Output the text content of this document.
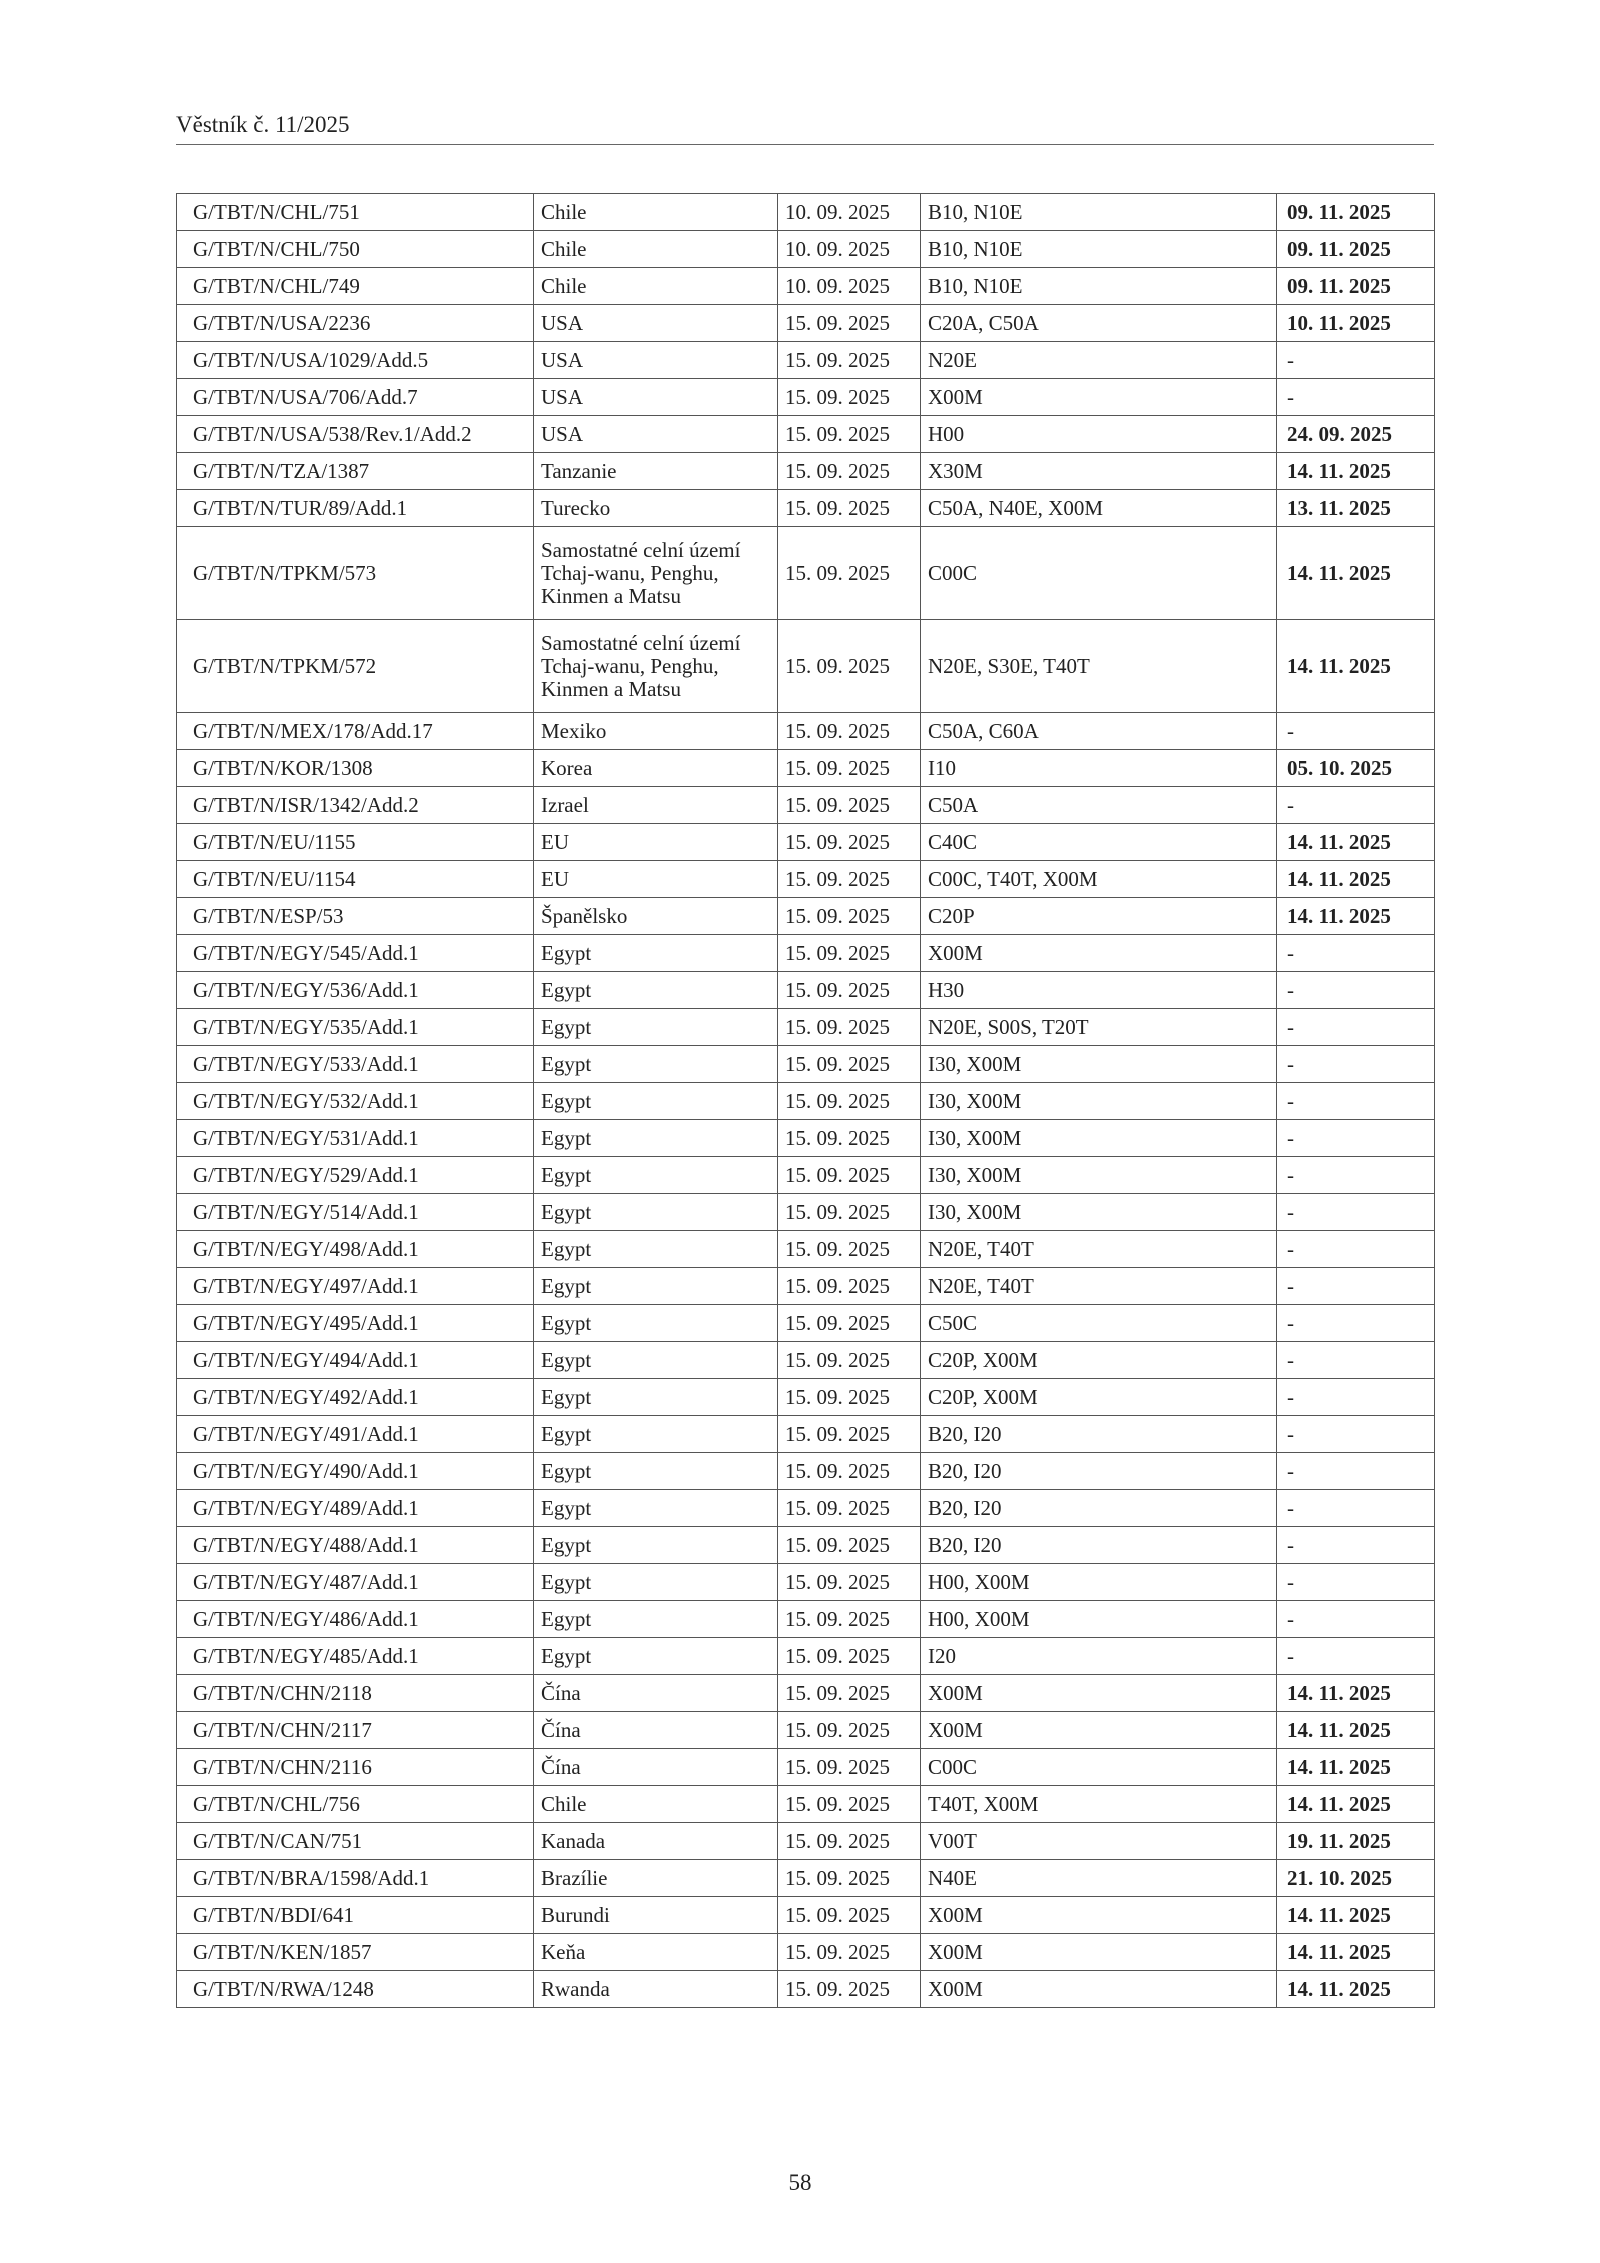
Věstník č. 11/2025
G/TBT/N/CHL/751	Chile	10. 09. 2025	B10, N10E	09. 11. 2025
G/TBT/N/CHL/750	Chile	10. 09. 2025	B10, N10E	09. 11. 2025
G/TBT/N/CHL/749	Chile	10. 09. 2025	B10, N10E	09. 11. 2025
G/TBT/N/USA/2236	USA	15. 09. 2025	C20A, C50A	10. 11. 2025
G/TBT/N/USA/1029/Add.5	USA	15. 09. 2025	N20E	-
G/TBT/N/USA/706/Add.7	USA	15. 09. 2025	X00M	-
G/TBT/N/USA/538/Rev.1/Add.2	USA	15. 09. 2025	H00	24. 09. 2025
G/TBT/N/TZA/1387	Tanzanie	15. 09. 2025	X30M	14. 11. 2025
G/TBT/N/TUR/89/Add.1	Turecko	15. 09. 2025	C50A, N40E, X00M	13. 11. 2025
G/TBT/N/TPKM/573	Samostatné celní území Tchaj-wanu, Penghu, Kinmen a Matsu	15. 09. 2025	C00C	14. 11. 2025
G/TBT/N/TPKM/572	Samostatné celní území Tchaj-wanu, Penghu, Kinmen a Matsu	15. 09. 2025	N20E, S30E, T40T	14. 11. 2025
G/TBT/N/MEX/178/Add.17	Mexiko	15. 09. 2025	C50A, C60A	-
G/TBT/N/KOR/1308	Korea	15. 09. 2025	I10	05. 10. 2025
G/TBT/N/ISR/1342/Add.2	Izrael	15. 09. 2025	C50A	-
G/TBT/N/EU/1155	EU	15. 09. 2025	C40C	14. 11. 2025
G/TBT/N/EU/1154	EU	15. 09. 2025	C00C, T40T, X00M	14. 11. 2025
G/TBT/N/ESP/53	Španělsko	15. 09. 2025	C20P	14. 11. 2025
G/TBT/N/EGY/545/Add.1	Egypt	15. 09. 2025	X00M	-
G/TBT/N/EGY/536/Add.1	Egypt	15. 09. 2025	H30	-
G/TBT/N/EGY/535/Add.1	Egypt	15. 09. 2025	N20E, S00S, T20T	-
G/TBT/N/EGY/533/Add.1	Egypt	15. 09. 2025	I30, X00M	-
G/TBT/N/EGY/532/Add.1	Egypt	15. 09. 2025	I30, X00M	-
G/TBT/N/EGY/531/Add.1	Egypt	15. 09. 2025	I30, X00M	-
G/TBT/N/EGY/529/Add.1	Egypt	15. 09. 2025	I30, X00M	-
G/TBT/N/EGY/514/Add.1	Egypt	15. 09. 2025	I30, X00M	-
G/TBT/N/EGY/498/Add.1	Egypt	15. 09. 2025	N20E, T40T	-
G/TBT/N/EGY/497/Add.1	Egypt	15. 09. 2025	N20E, T40T	-
G/TBT/N/EGY/495/Add.1	Egypt	15. 09. 2025	C50C	-
G/TBT/N/EGY/494/Add.1	Egypt	15. 09. 2025	C20P, X00M	-
G/TBT/N/EGY/492/Add.1	Egypt	15. 09. 2025	C20P, X00M	-
G/TBT/N/EGY/491/Add.1	Egypt	15. 09. 2025	B20, I20	-
G/TBT/N/EGY/490/Add.1	Egypt	15. 09. 2025	B20, I20	-
G/TBT/N/EGY/489/Add.1	Egypt	15. 09. 2025	B20, I20	-
G/TBT/N/EGY/488/Add.1	Egypt	15. 09. 2025	B20, I20	-
G/TBT/N/EGY/487/Add.1	Egypt	15. 09. 2025	H00, X00M	-
G/TBT/N/EGY/486/Add.1	Egypt	15. 09. 2025	H00, X00M	-
G/TBT/N/EGY/485/Add.1	Egypt	15. 09. 2025	I20	-
G/TBT/N/CHN/2118	Čína	15. 09. 2025	X00M	14. 11. 2025
G/TBT/N/CHN/2117	Čína	15. 09. 2025	X00M	14. 11. 2025
G/TBT/N/CHN/2116	Čína	15. 09. 2025	C00C	14. 11. 2025
G/TBT/N/CHL/756	Chile	15. 09. 2025	T40T, X00M	14. 11. 2025
G/TBT/N/CAN/751	Kanada	15. 09. 2025	V00T	19. 11. 2025
G/TBT/N/BRA/1598/Add.1	Brazílie	15. 09. 2025	N40E	21. 10. 2025
G/TBT/N/BDI/641	Burundi	15. 09. 2025	X00M	14. 11. 2025
G/TBT/N/KEN/1857	Keňa	15. 09. 2025	X00M	14. 11. 2025
G/TBT/N/RWA/1248	Rwanda	15. 09. 2025	X00M	14. 11. 2025
58
